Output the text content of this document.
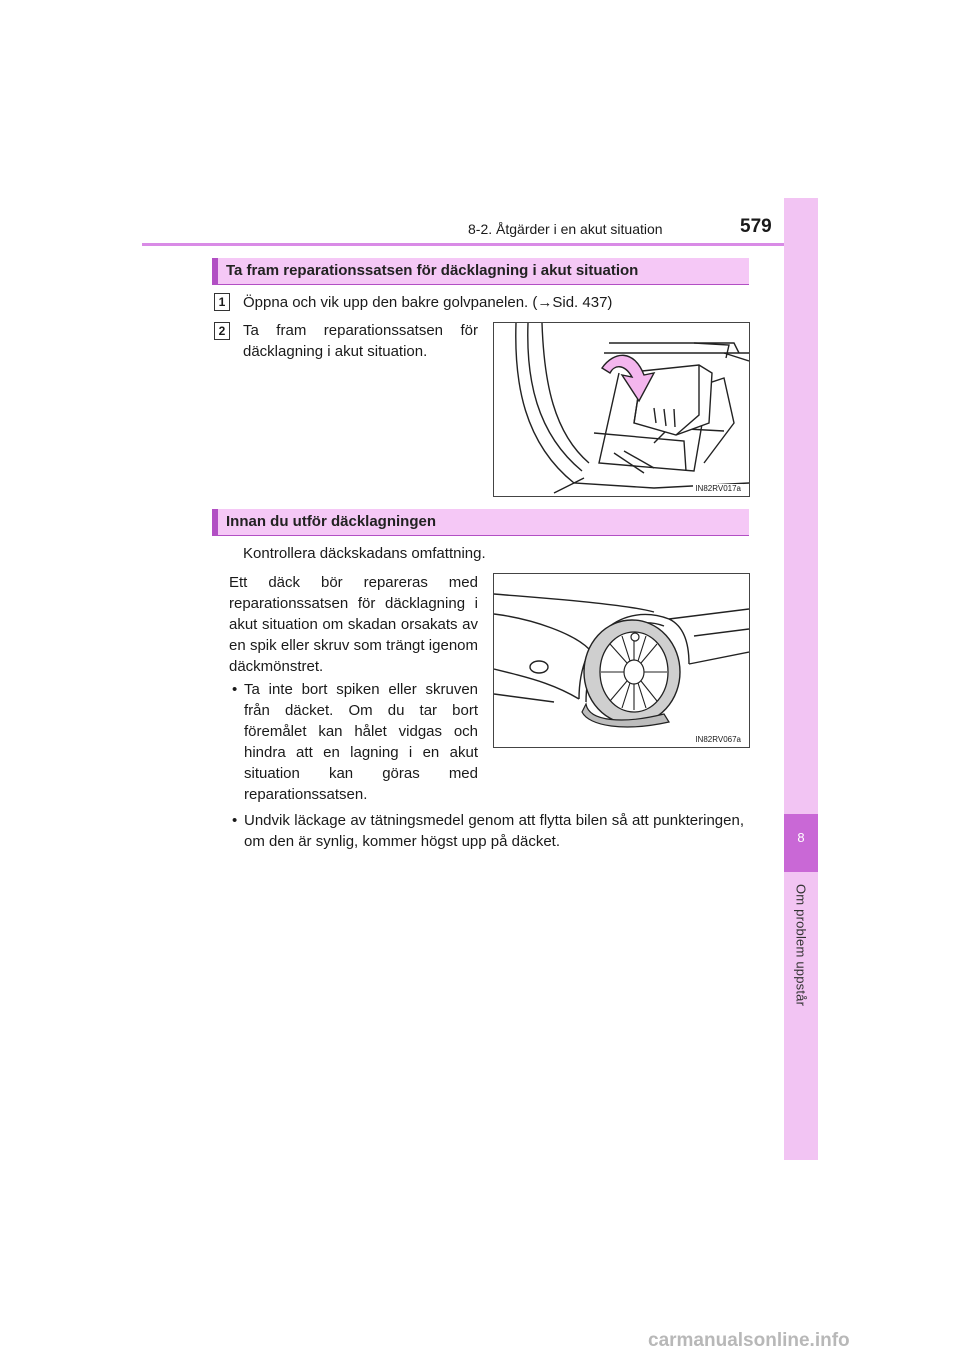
8-2. Åtgärder i en akut situation	579
8
Om problem uppstår
Ta fram reparationssatsen för däcklagning i akut situation
1	Öppna och vik upp den bakre golvpanelen. (→Sid. 437)
2	Ta fram reparationssatsen för däcklagning i akut situation.
IN82RV017a
Innan du utför däcklagningen
Kontrollera däckskadans omfattning.
Ett däck bör repareras med reparationssatsen för däcklagning i akut situation om skadan orsakats av en spik eller skruv som trängt igenom däckmönstret.
• Ta inte bort spiken eller skruven från däcket. Om du tar bort föremålet kan hålet vidgas och hindra att en lagning i en akut situation kan göras med reparationssatsen.
IN82RV067a
• Undvik läckage av tätningsmedel genom att flytta bilen så att punkteringen, om den är synlig, kommer högst upp på däcket.
carmanualsonline.info
